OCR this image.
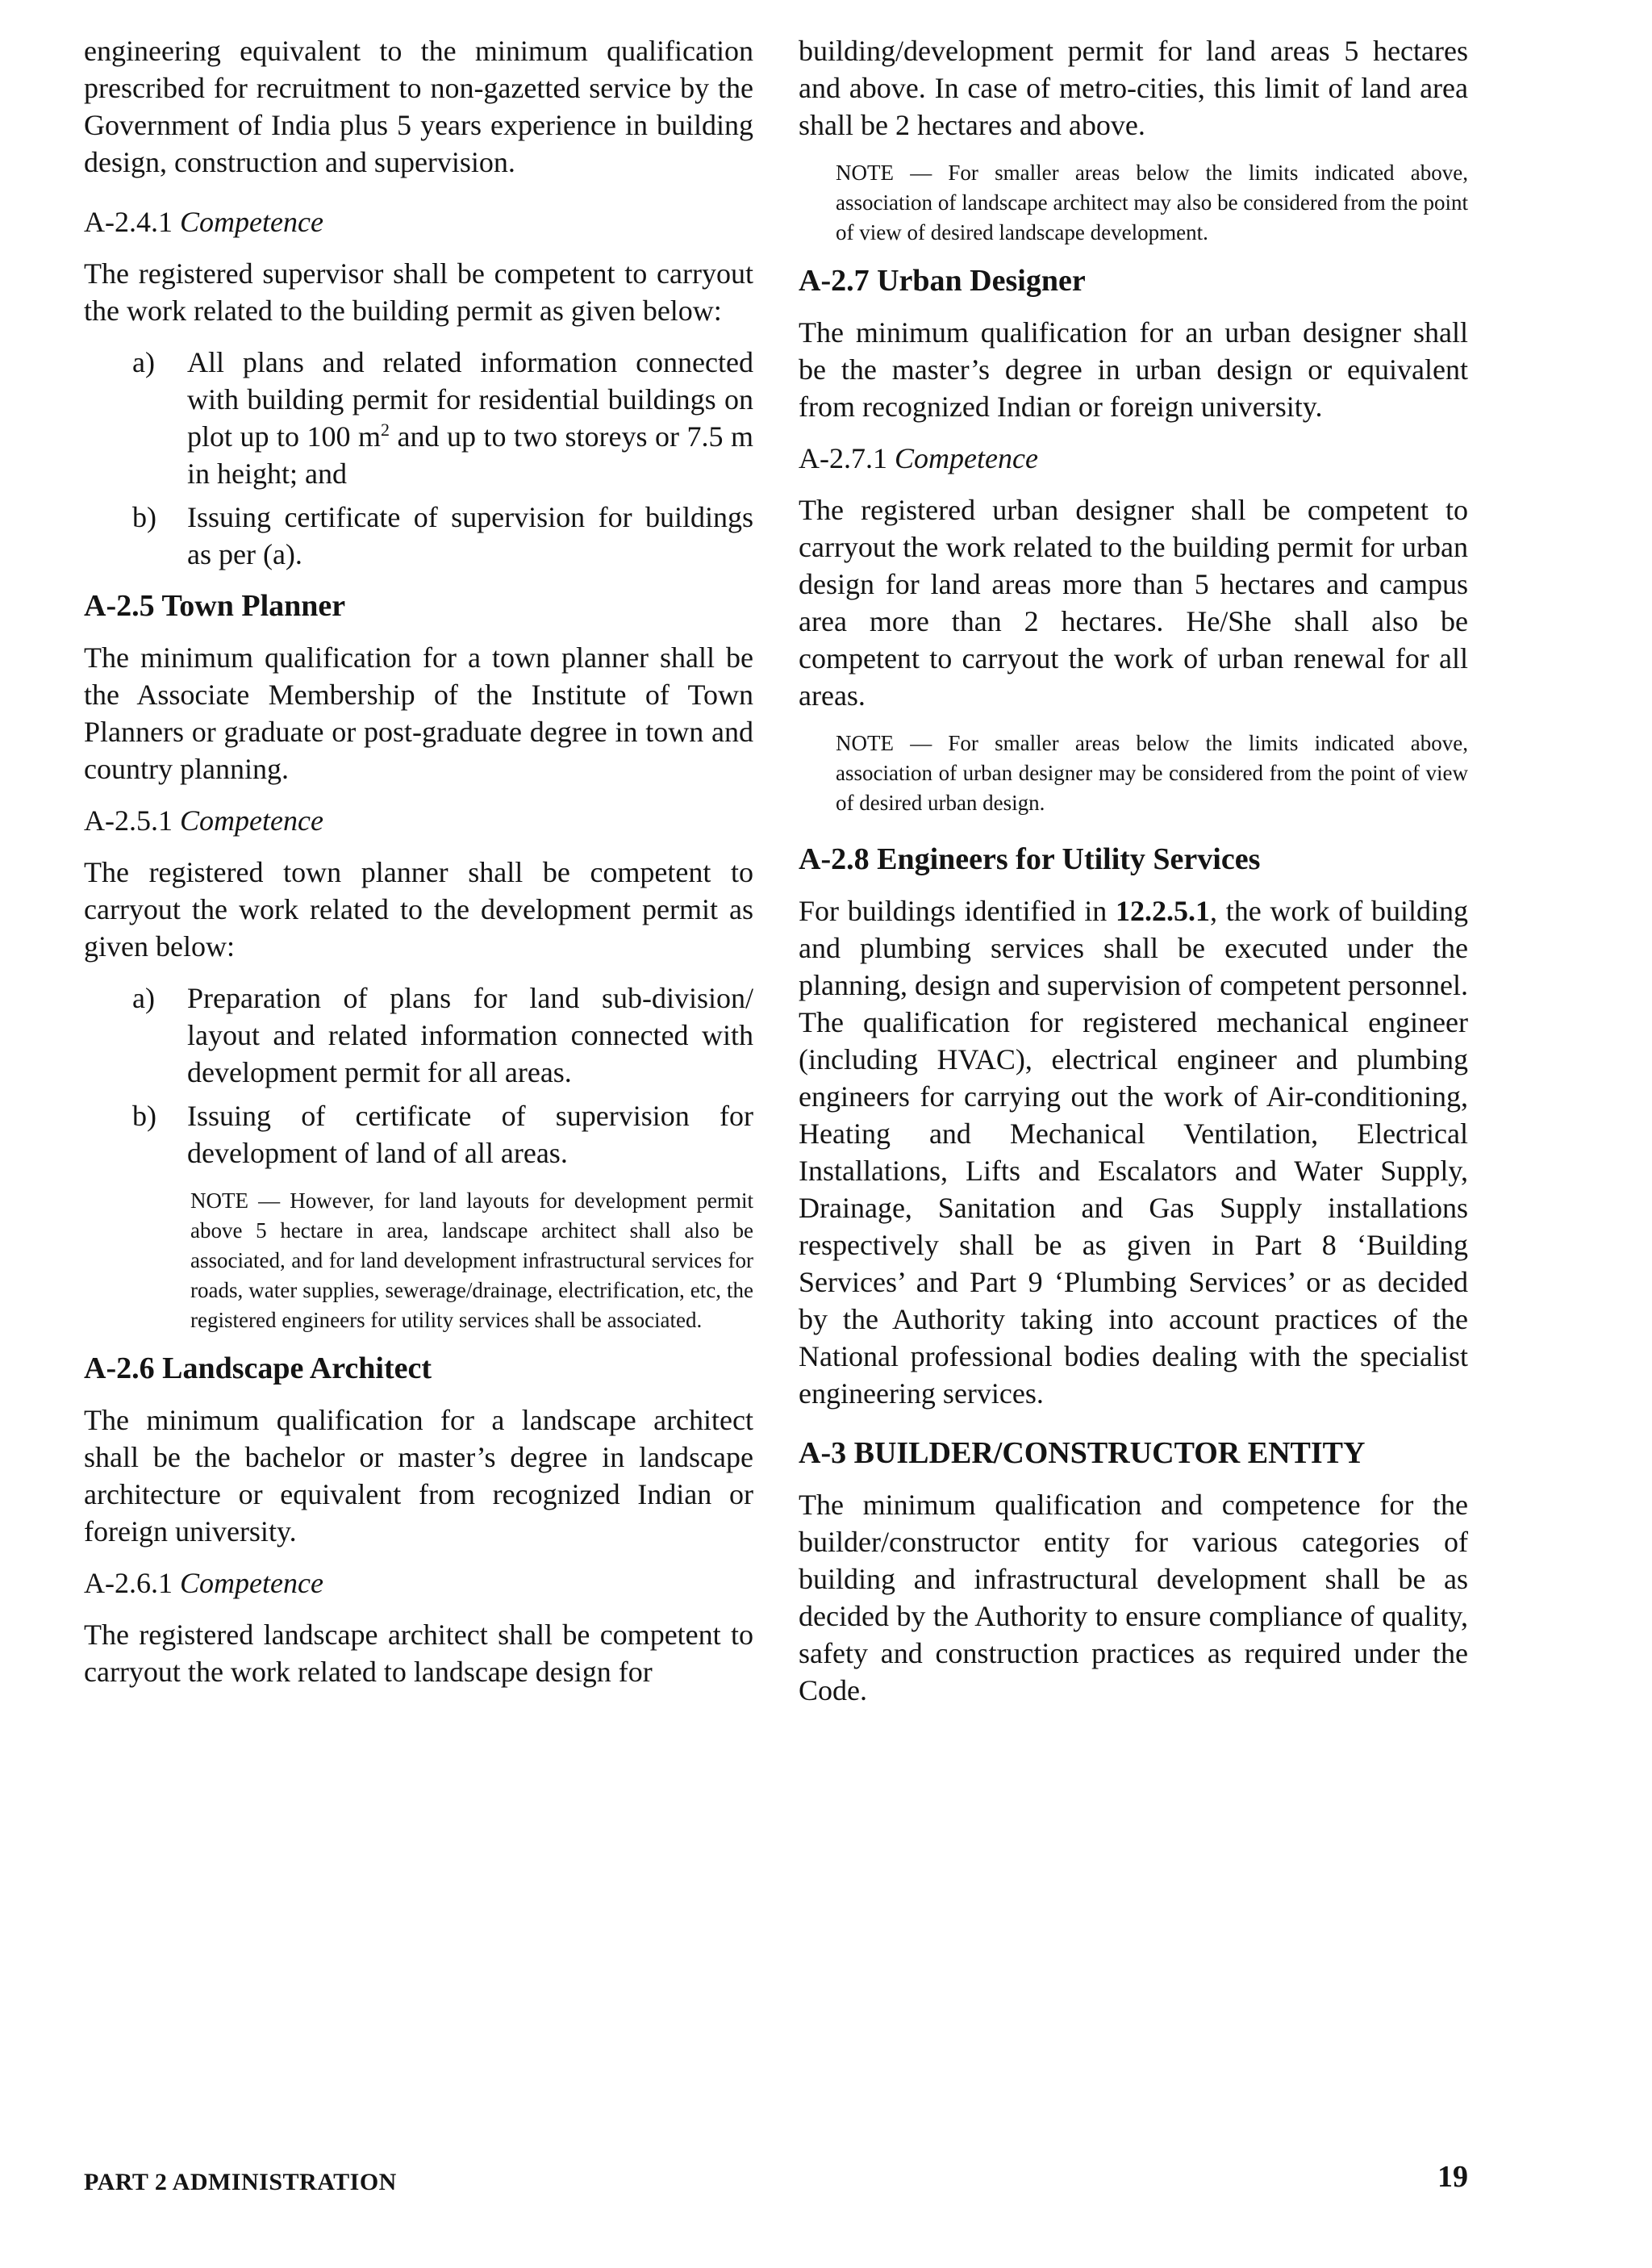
engineering equivalent to the minimum qualification prescribed for recruitment to non-gazetted service by the Government of India plus 5 years experience in building design, construction and supervision.

A-2.4.1 Competence

The registered supervisor shall be competent to carryout the work related to the building permit as given below:

a) All plans and related information connected with building permit for residential buildings on plot up to 100 $m^2$ and up to two storeys or 7.5 m in height; and
b) Issuing certificate of supervision for buildings as per (a).

A-2.5 Town Planner

The minimum qualification for a town planner shall be the Associate Membership of the Institute of Town Planners or graduate or post-graduate degree in town and country planning.

A-2.5.1 Competence

The registered town planner shall be competent to carryout the work related to the development permit as given below:

a) Preparation of plans for land sub-division/ layout and related information connected with development permit for all areas.
b) Issuing of certificate of supervision for development of land of all areas.

NOTE — However, for land layouts for development permit above 5 hectare in area, landscape architect shall also be associated, and for land development infrastructural services for roads, water supplies, sewerage/drainage, electrification, etc, the registered engineers for utility services shall be associated.

A-2.6 Landscape Architect

The minimum qualification for a landscape architect shall be the bachelor or master’s degree in landscape architecture or equivalent from recognized Indian or foreign university.

A-2.6.1 Competence

The registered landscape architect shall be competent to carryout the work related to landscape design for

building/development permit for land areas 5 hectares and above. In case of metro-cities, this limit of land area shall be 2 hectares and above.

NOTE — For smaller areas below the limits indicated above, association of landscape architect may also be considered from the point of view of desired landscape development.

A-2.7 Urban Designer

The minimum qualification for an urban designer shall be the master’s degree in urban design or equivalent from recognized Indian or foreign university.

A-2.7.1 Competence

The registered urban designer shall be competent to carryout the work related to the building permit for urban design for land areas more than 5 hectares and campus area more than 2 hectares. He/She shall also be competent to carryout the work of urban renewal for all areas.

NOTE — For smaller areas below the limits indicated above, association of urban designer may be considered from the point of view of desired urban design.

A-2.8 Engineers for Utility Services

For buildings identified in 12.2.5.1, the work of building and plumbing services shall be executed under the planning, design and supervision of competent personnel. The qualification for registered mechanical engineer (including HVAC), electrical engineer and plumbing engineers for carrying out the work of Air-conditioning, Heating and Mechanical Ventilation, Electrical Installations, Lifts and Escalators and Water Supply, Drainage, Sanitation and Gas Supply installations respectively shall be as given in Part 8 ‘Building Services’ and Part 9 ‘Plumbing Services’ or as decided by the Authority taking into account practices of the National professional bodies dealing with the specialist engineering services.

A-3 BUILDER/CONSTRUCTOR ENTITY

The minimum qualification and competence for the builder/constructor entity for various categories of building and infrastructural development shall be as decided by the Authority to ensure compliance of quality, safety and construction practices as required under the Code.

PART 2 ADMINISTRATION	19
